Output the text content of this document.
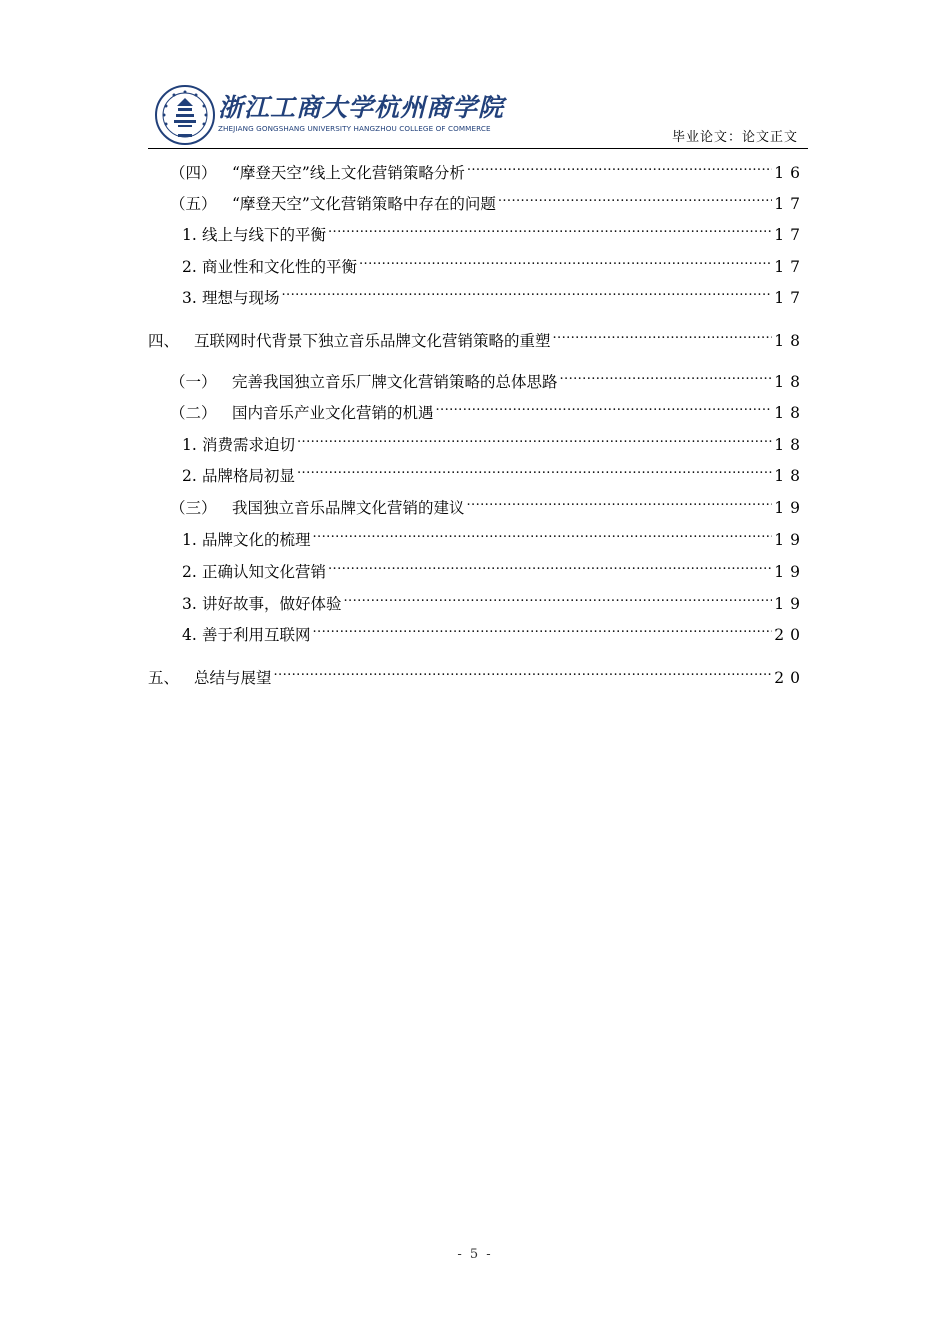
浙江工商大学杭州商学院
ZHEJIANG GONGSHANG UNIVERSITY HANGZHOU COLLEGE OF COMMERCE
毕业论文：论文正文
（四） “摩登天空”线上文化营销策略分析 .....	16
（五） “摩登天空”文化营销策略中存在的问题 .....	17
1. 线上与线下的平衡 .....	17
2. 商业性和文化性的平衡 .....	17
3. 理想与现场 .....	17
四、 互联网时代背景下独立音乐品牌文化营销策略的重塑 .....	18
（一） 完善我国独立音乐厂牌文化营销策略的总体思路 .....	18
（二） 国内音乐产业文化营销的机遇 .....	18
1. 消费需求迫切 .....	18
2. 品牌格局初显 .....	18
（三） 我国独立音乐品牌文化营销的建议 .....	19
1. 品牌文化的梳理 .....	19
2. 正确认知文化营销 .....	19
3. 讲好故事，做好体验 .....	19
4. 善于利用互联网 .....	20
五、 总结与展望 .....	20
- 5 -
